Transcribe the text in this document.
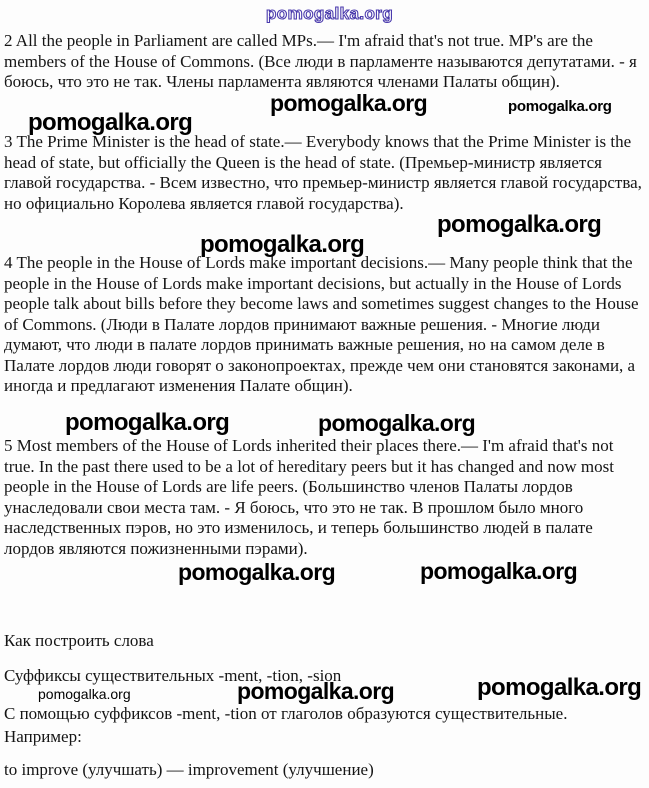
pomogalka.org

2 All the people in Parliament are called MPs.— I'm afraid that's not true. MP's are the members of the House of Commons. (Все люди в парламенте называются депутатами. - я боюсь, что это не так. Члены парламента являются членами Палаты общин).

pomogalka.org	pomogalka.org
pomogalka.org

3 The Prime Minister is the head of state.— Everybody knows that the Prime Minister is the head of state, but officially the Queen is the head of state. (Премьер-министр является главой государства. - Всем известно, что премьер-министр является главой государства, но официально Королева является главой государства).

pomogalka.org
pomogalka.org

4 The people in the House of Lords make important decisions.— Many people think that the people in the House of Lords make important decisions, but actually in the House of Lords people talk about bills before they become laws and sometimes suggest changes to the House of Commons. (Люди в Палате лордов принимают важные решения. - Многие люди думают, что люди в палате лордов принимать важные решения, но на самом деле в Палате лордов люди говорят о законопроектах, прежде чем они становятся законами, а иногда и предлагают изменения Палате общин).

pomogalka.org	pomogalka.org

5 Most members of the House of Lords inherited their places there.— I'm afraid that's not true. In the past there used to be a lot of hereditary peers but it has changed and now most people in the House of Lords are life peers. (Большинство членов Палаты лордов унаследовали свои места там. - Я боюсь, что это не так. В прошлом было много наследственных пэров, но это изменилось, и теперь большинство людей в палате лордов являются пожизненными пэрами).

pomogalka.org	pomogalka.org

Как построить слова

Суффиксы существительных -ment, -tion, -sion

pomogalka.org	pomogalka.org	pomogalka.org

С помощью суффиксов -ment, -tion от глаголов образуются существительные.

Например:

to improve (улучшать) — improvement (улучшение)
